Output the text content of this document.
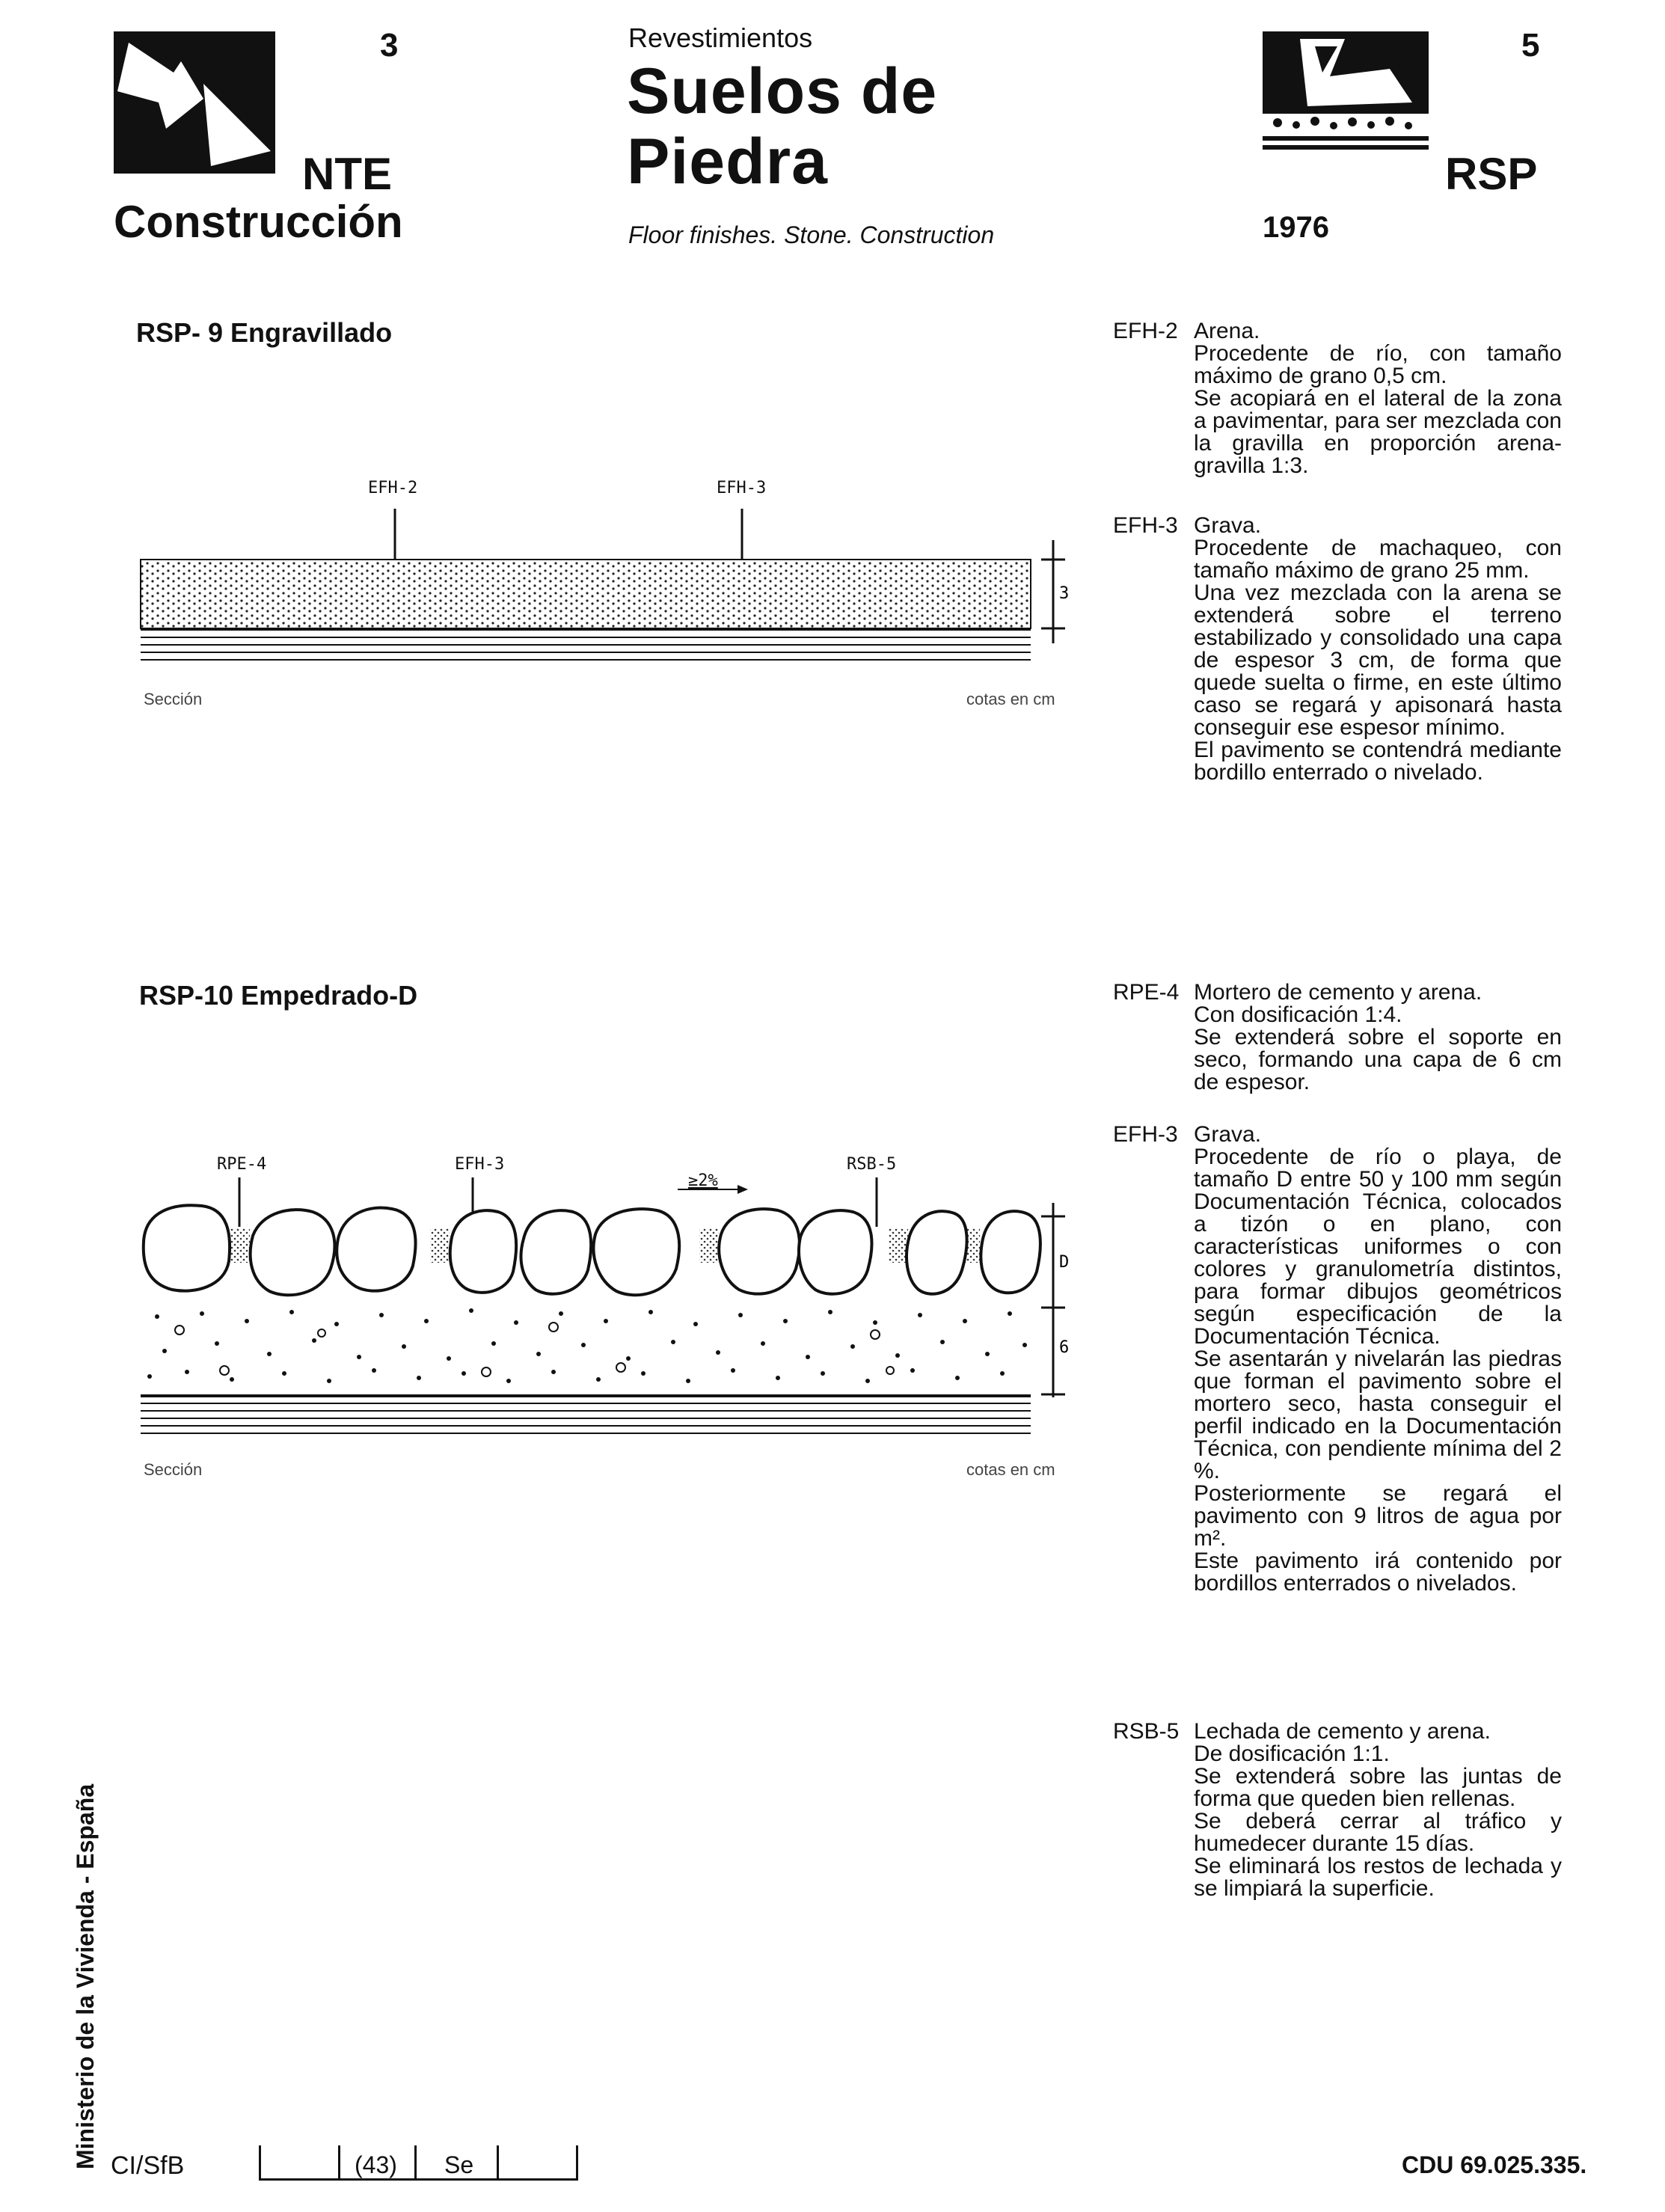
3
NTE
Construcción
Revestimientos
Suelos de
Piedra
Floor finishes. Stone. Construction
5
RSP
1976
RSP- 9 Engravillado
EFH-2	EFH-3
3
Sección	cotas en cm
EFH-2 Arena.
Procedente de río, con tamaño máximo de grano 0,5 cm.
Se acopiará en el lateral de la zona a pavimentar, para ser mezclada con la gravilla en proporción arena-gravilla 1:3.
EFH-3 Grava.
Procedente de machaqueo, con tamaño máximo de grano 25 mm.
Una vez mezclada con la arena se extenderá sobre el terreno estabilizado y consolidado una capa de espesor 3 cm, de forma que quede suelta o firme, en este último caso se regará y apisonará hasta conseguir ese espesor mínimo.
El pavimento se contendrá mediante bordillo enterrado o nivelado.
RSP-10 Empedrado-D
RPE-4	EFH-3	RSB-5
≥2%
D
6
Sección	cotas en cm
RPE-4 Mortero de cemento y arena.
Con dosificación 1:4.
Se extenderá sobre el soporte en seco, formando una capa de 6 cm de espesor.
EFH-3 Grava.
Procedente de río o playa, de tamaño D entre 50 y 100 mm según Documentación Técnica, colocados a tizón o en plano, con características uniformes o con colores y granulometría distintos, para formar dibujos geométricos según especificación de la Documentación Técnica.
Se asentarán y nivelarán las piedras que forman el pavimento sobre el mortero seco, hasta conseguir el perfil indicado en la Documentación Técnica, con pendiente mínima del 2 %.
Posteriormente se regará el pavimento con 9 litros de agua por m².
Este pavimento irá contenido por bordillos enterrados o nivelados.
RSB-5 Lechada de cemento y arena.
De dosificación 1:1.
Se extenderá sobre las juntas de forma que queden bien rellenas.
Se deberá cerrar al tráfico y humedecer durante 15 días.
Se eliminará los restos de lechada y se limpiará la superficie.
Ministerio de la Vivienda - España CI/SfB	(43) Se	CDU 69.025.335.
